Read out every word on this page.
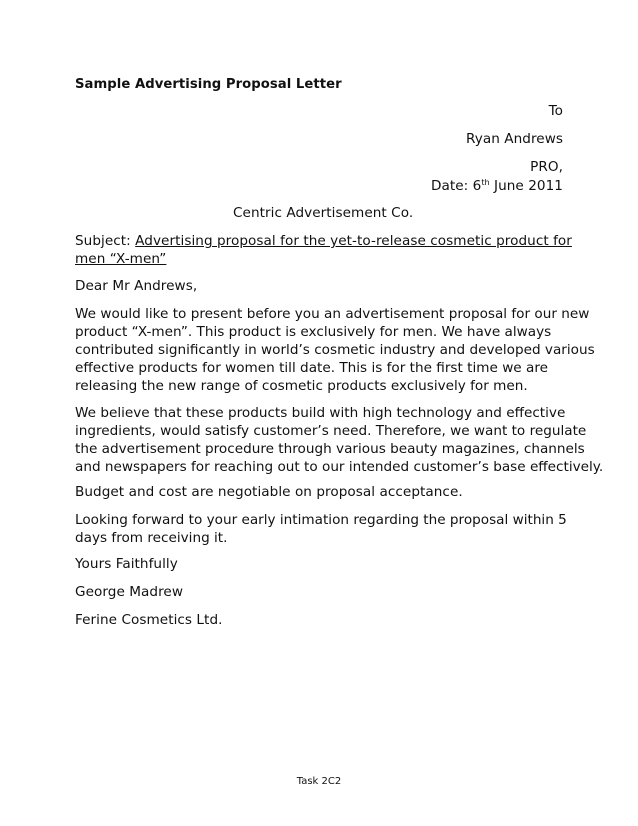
Sample Advertising Proposal Letter
To
Ryan Andrews
PRO,
Date: 6th June 2011
Centric Advertisement Co.
Subject: Advertising proposal for the yet-to-release cosmetic product for
men “X-men”
Dear Mr Andrews,
We would like to present before you an advertisement proposal for our new
product “X-men”. This product is exclusively for men. We have always
contributed significantly in world’s cosmetic industry and developed various
effective products for women till date. This is for the first time we are
releasing the new range of cosmetic products exclusively for men.
We believe that these products build with high technology and effective
ingredients, would satisfy customer’s need. Therefore, we want to regulate
the advertisement procedure through various beauty magazines, channels
and newspapers for reaching out to our intended customer’s base effectively.
Budget and cost are negotiable on proposal acceptance.
Looking forward to your early intimation regarding the proposal within 5
days from receiving it.
Yours Faithfully
George Madrew
Ferine Cosmetics Ltd.
Task 2C2
